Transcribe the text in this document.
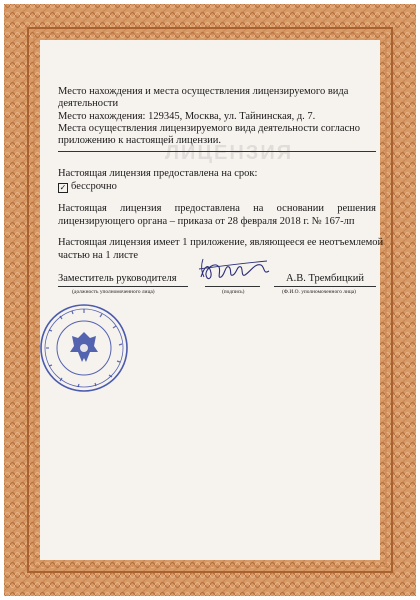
ЛИЦЕНЗИЯ
Место нахождения и места осуществления лицензируемого вида
деятельности
Место нахождения: 129345, Москва, ул. Тайнинская, д. 7.
Места осуществления лицензируемого вида деятельности согласно
приложению к настоящей лицензии.
Настоящая лицензия предоставлена на срок:
✓ бессрочно
Настоящая лицензия предоставлена на основании решения
лицензирующего органа – приказа от 28 февраля 2018 г. № 167-лп
Настоящая лицензия имеет 1 приложение, являющееся ее неотъемлемой
частью на 1 листе
Заместитель руководителя
(должность уполномоченного лица)	(подпись)
А.В. Трембицкий
(Ф.И.О. уполномоченного лица)
